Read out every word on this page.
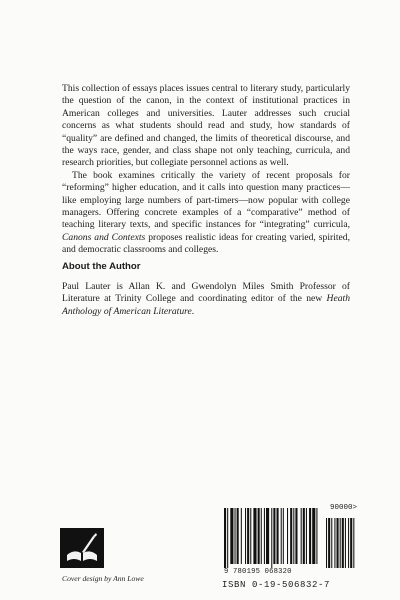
This collection of essays places issues central to literary study, particularly the question of the canon, in the context of institutional practices in American colleges and universities. Lauter addresses such crucial concerns as what students should read and study, how standards of “quality” are defined and changed, the limits of theoretical discourse, and the ways race, gender, and class shape not only teaching, curricula, and research priorities, but collegiate personnel actions as well.

The book examines critically the variety of recent proposals for “reforming” higher education, and it calls into question many practices—like employing large numbers of part-timers—now popular with college managers. Offering concrete examples of a “comparative” method of teaching literary texts, and specific instances for “integrating” curricula, Canons and Contexts proposes realistic ideas for creating varied, spirited, and democratic classrooms and colleges.

About the Author
Paul Lauter is Allan K. and Gwendolyn Miles Smith Professor of Literature at Trinity College and coordinating editor of the new Heath Anthology of American Literature.
Cover design by Ann Lowe
90000>
9 780195 068320
ISBN 0-19-506832-7
